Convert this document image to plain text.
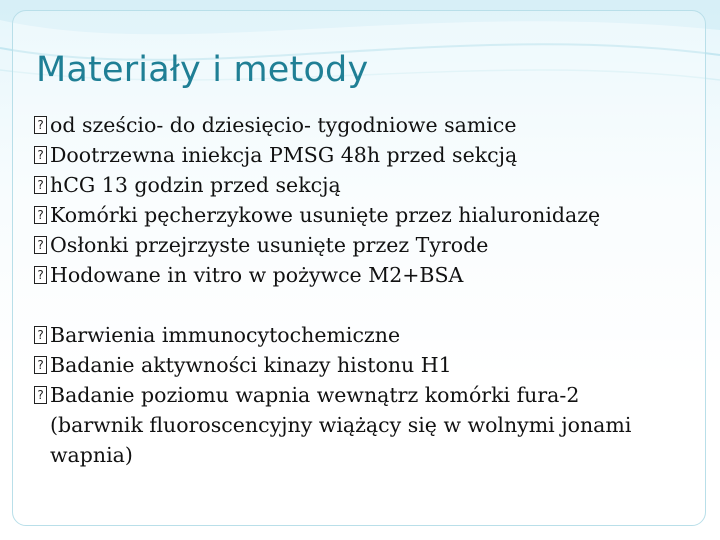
Materiały i metody
?
od sześcio- do dziesięcio- tygodniowe samice
?
Dootrzewna iniekcja PMSG 48h przed sekcją
?
hCG 13 godzin przed sekcją
?
Komórki pęcherzykowe usunięte przez hialuronidazę
?
Osłonki przejrzyste usunięte przez Tyrode
?
Hodowane in vitro w pożywce M2+BSA
?
Barwienia immunocytochemiczne
?
Badanie aktywności kinazy histonu H1
?
Badanie poziomu wapnia wewnątrz komórki fura-2 (barwnik fluoroscencyjny wiążący się w wolnymi jonami wapnia)
